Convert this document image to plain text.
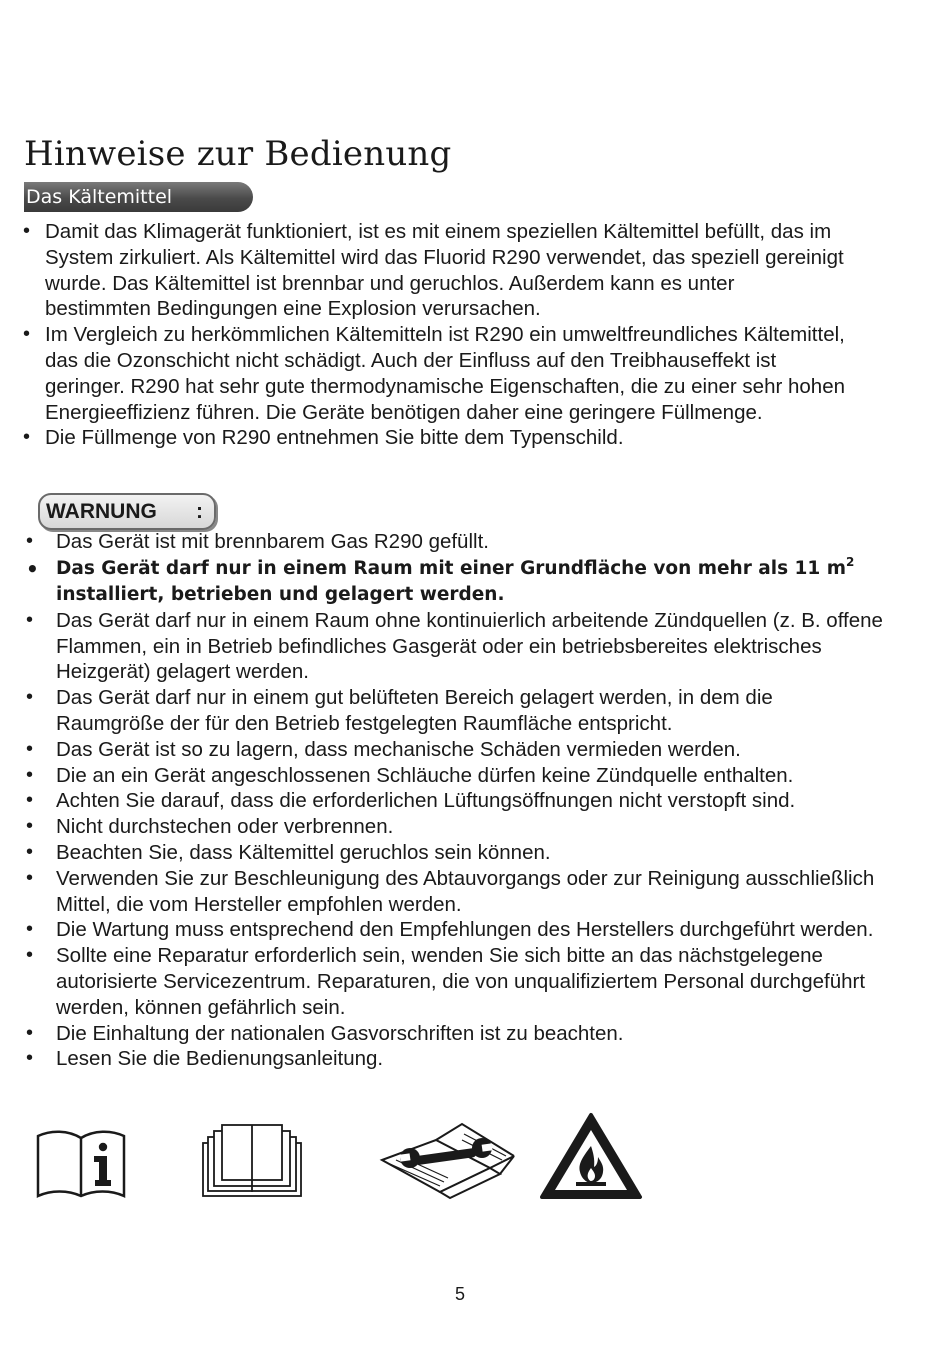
Hinweise zur Bedienung
Das Kältemittel
• Damit das Klimagerät funktioniert, ist es mit einem speziellen Kältemittel befüllt, das im System zirkuliert. Als Kältemittel wird das Fluorid R290 verwendet, das speziell gereinigt wurde. Das Kältemittel ist brennbar und geruchlos. Außerdem kann es unter bestimmten Bedingungen eine Explosion verursachen.
• Im Vergleich zu herkömmlichen Kältemitteln ist R290 ein umweltfreundliches Kältemittel, das die Ozonschicht nicht schädigt. Auch der Einfluss auf den Treibhauseffekt ist geringer. R290 hat sehr gute thermodynamische Eigenschaften, die zu einer sehr hohen Energieeffizienz führen. Die Geräte benötigen daher eine geringere Füllmenge.
• Die Füllmenge von R290 entnehmen Sie bitte dem Typenschild.
WARNUNG :
• Das Gerät ist mit brennbarem Gas R290 gefüllt.
• Das Gerät darf nur in einem Raum mit einer Grundfläche von mehr als 11 $m^2$
installiert, betrieben und gelagert werden.
• Das Gerät darf nur in einem Raum ohne kontinuierlich arbeitende Zündquellen (z. B. offene Flammen, ein in Betrieb befindliches Gasgerät oder ein betriebsbereites elektrisches Heizgerät) gelagert werden.
• Das Gerät darf nur in einem gut belüfteten Bereich gelagert werden, in dem die Raumgröße der für den Betrieb festgelegten Raumfläche entspricht.
• Das Gerät ist so zu lagern, dass mechanische Schäden vermieden werden.
• Die an ein Gerät angeschlossenen Schläuche dürfen keine Zündquelle enthalten.
• Achten Sie darauf, dass die erforderlichen Lüftungsöffnungen nicht verstopft sind.
• Nicht durchstechen oder verbrennen.
• Beachten Sie, dass Kältemittel geruchlos sein können.
• Verwenden Sie zur Beschleunigung des Abtauvorgangs oder zur Reinigung ausschließlich Mittel, die vom Hersteller empfohlen werden.
• Die Wartung muss entsprechend den Empfehlungen des Herstellers durchgeführt werden.
• Sollte eine Reparatur erforderlich sein, wenden Sie sich bitte an das nächstgelegene autorisierte Servicezentrum. Reparaturen, die von unqualifiziertem Personal durchgeführt werden, können gefährlich sein.
• Die Einhaltung der nationalen Gasvorschriften ist zu beachten.
• Lesen Sie die Bedienungsanleitung.
5
